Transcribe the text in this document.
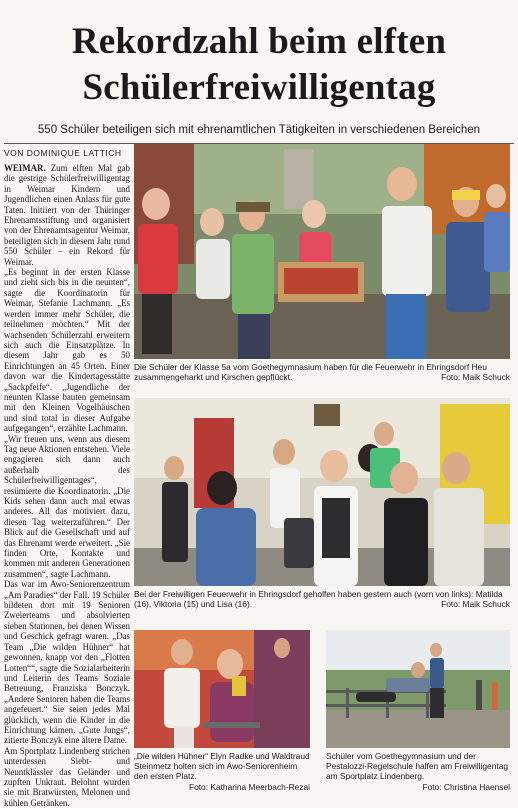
Rekordzahl beim elften
Schülerfreiwilligentag
550 Schüler beteiligen sich mit ehrenamtlichen Tätigkeiten in verschiedenen Bereichen
VON DOMINIQUE LATTICH

WEIMAR. Zum elften Mal gab die gestrige Schülerfreiwilligentag in Weimar Kindern und Jugendlichen einen Anlass für gute Taten. Initiiert von der Thüringer Ehrenamtsstiftung und organisiert von der Ehrenamtsagentur Weimar, beteiligten sich in diesem Jahr rund 550 Schüler – ein Rekord für Weimar.

„Es beginnt in der ersten Klasse und zieht sich bis in die neunten“, sagte die Koordinatorin für Weimar, Stefanie Lachmann. „Es werden immer mehr Schüler, die teilnehmen möchten.“ Mit der wachsenden Schülerzahl erweitern sich auch die Einsatzplätze. In diesem Jahr gab es 50 Einrichtungen an 45 Orten. Einer davon war die Kindertagesstätte „Sackpfeife“. „Jugendliche der neunten Klasse bauten gemeinsam mit den Kleinen Vogelhäuschen und sind total in dieser Aufgabe aufgegangen“, erzählte Lachmann.

„Wir freuen uns, wenn aus diesem Tag neue Aktionen entstehen. Viele engagieren sich dann auch außerhalb des Schülerfreiwilligentages“, resümierte die Koordinatorin. „Die Kids sehen dann auch mal etwas anderes. All das motiviert dazu, diesen Tag weiterzuführen.“ Der Blick auf die Gesellschaft und auf das Ehrenamt werde erweitert. „Sie finden Orte, Kontakte und kommen mit anderen Generationen zusammen“, sagte Lachmann.

Das war im Awo-Seniorenzentrum „Am Paradies“ der Fall. 19 Schüler bildeten dort mit 19 Senioren Zweierteams und absolvierten sieben Stationen, bei denen Wissen und Geschick gefragt waren. „Das Team „Die wilden Hühner“ hat gewonnen, knapp vor den „Flotten Lotten““, sagte die Sozialarbeiterin und Leiterin des Teams Soziale Betreuung, Franziska Bonczyk. „Andere Senioren haben die Teams angefeuert.“ Sie seien jedes Mal glücklich, wenn die Kinder in die Einrichtung kämen. „Gute Jungs“, zitierte Bonczyk eine ältere Dame.

Am Sportplatz Lindenberg strichen unterdessen Siebt- und Neuntklässler das Geländer und zupften Unkraut. Belohnt wurden sie mit Bratwürsten, Melonen und kühlen Getränken.

Die Schüler der Klasse 5a vom Goethegymnasium haben für die Feuerwehr in Ehringsdorf Heu zusammengeharkt und Kirschen gepflückt.	Foto: Maik Schuck
Bei der Freiwilligen Feuerwehr in Ehringsdorf geholfen haben gestern auch (vorn von links): Matilda (16), Viktoria (15) und Lisa (16).	Foto: Maik Schuck
„Die wilden Hühner“ Elyn Radke und Waldtraud Steinmetz holten sich im Awo-Seniorenheim den ersten Platz.
Foto: Katharina Meerbach-Rezai
Schüler vom Goethegymnasium und der Pestalozzi-Regelschule halfen am Freiwilligentag am Sportplatz Lindenberg.
Foto: Christina Haensel
